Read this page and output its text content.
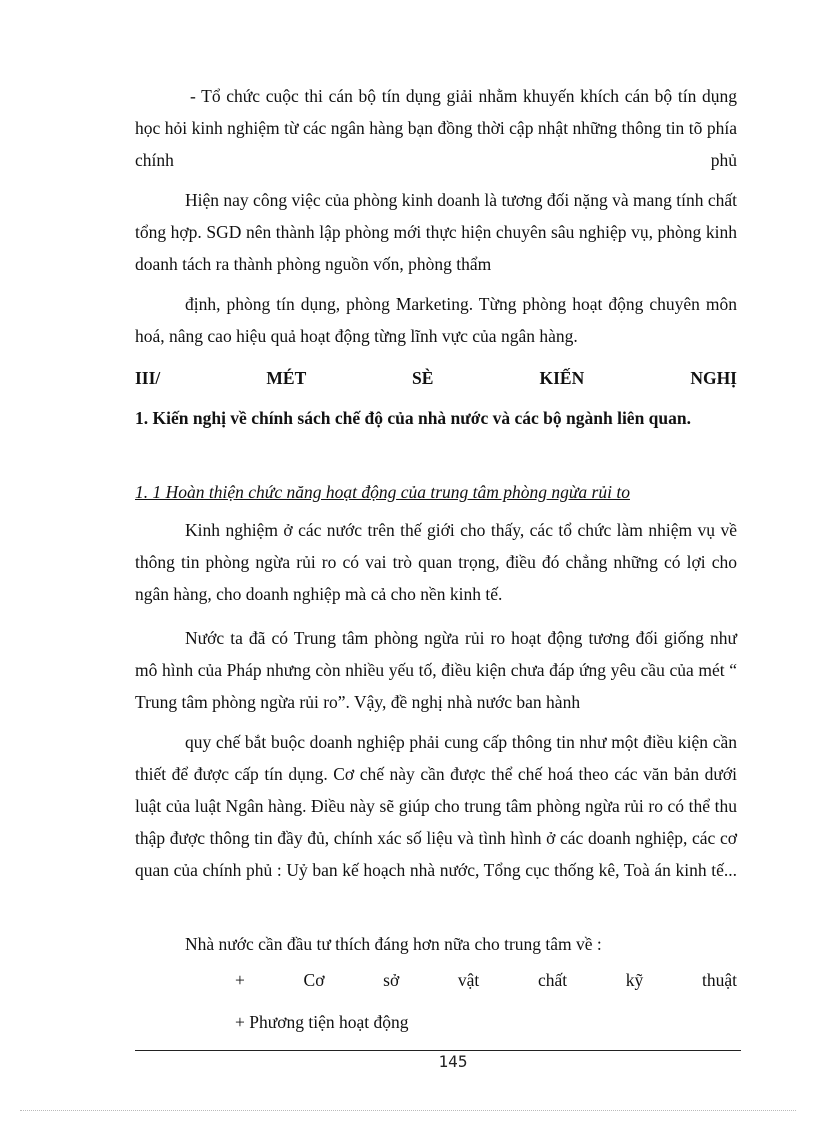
- Tổ chức cuộc thi cán bộ tín dụng giải nhằm khuyến khích cán bộ tín dụng học hỏi kinh nghiệm từ các ngân hàng bạn đồng thời cập nhật những thông tin tõ phía chính phủ

Hiện nay công việc của phòng kinh doanh là tương đối nặng và mang tính chất tổng hợp. SGD nên thành lập phòng mới thực hiện chuyên sâu nghiệp vụ, phòng kinh doanh tách ra thành phòng nguồn vốn, phòng thẩm

định, phòng tín dụng, phòng Marketing. Từng phòng hoạt động chuyên môn hoá, nâng cao hiệu quả hoạt động từng lĩnh vực của ngân hàng.

III/ MÉT SÈ KIẾN NGHỊ

1. Kiến nghị về chính sách chế độ của nhà nước và các bộ ngành liên quan.

1. 1 Hoàn thiện chức năng hoạt động của trung tâm phòng ngừa rủi to

Kinh nghiệm ở các nước trên thế giới cho thấy, các tổ chức làm nhiệm vụ về thông tin phòng ngừa rủi ro có vai trò quan trọng, điều đó chẳng những có lợi cho ngân hàng, cho doanh nghiệp mà cả cho nền kinh tế.

Nước ta đã có Trung tâm phòng ngừa rủi ro hoạt động tương đối giống như mô hình của Pháp nhưng còn nhiều yếu tố, điều kiện chưa đáp ứng yêu cầu của mét “ Trung tâm phòng ngừa rủi ro”. Vậy, đề nghị nhà nước ban hành

quy chế bắt buộc doanh nghiệp phải cung cấp thông tin như một điều kiện cần thiết để được cấp tín dụng. Cơ chế này cần được thể chế hoá theo các văn bản dưới luật của luật Ngân hàng. Điều này sẽ giúp cho trung tâm phòng ngừa rủi ro có thể thu thập được thông tin đầy đủ, chính xác số liệu và tình hình ở các doanh nghiệp, các cơ quan của chính phủ : Uỷ ban kế hoạch nhà nước, Tổng cục thống kê, Toà án kinh tế...

Nhà nước cần đầu tư thích đáng hơn nữa cho trung tâm về :

+ Cơ sở vật chất kỹ thuật

+ Phương tiện hoạt động

145
